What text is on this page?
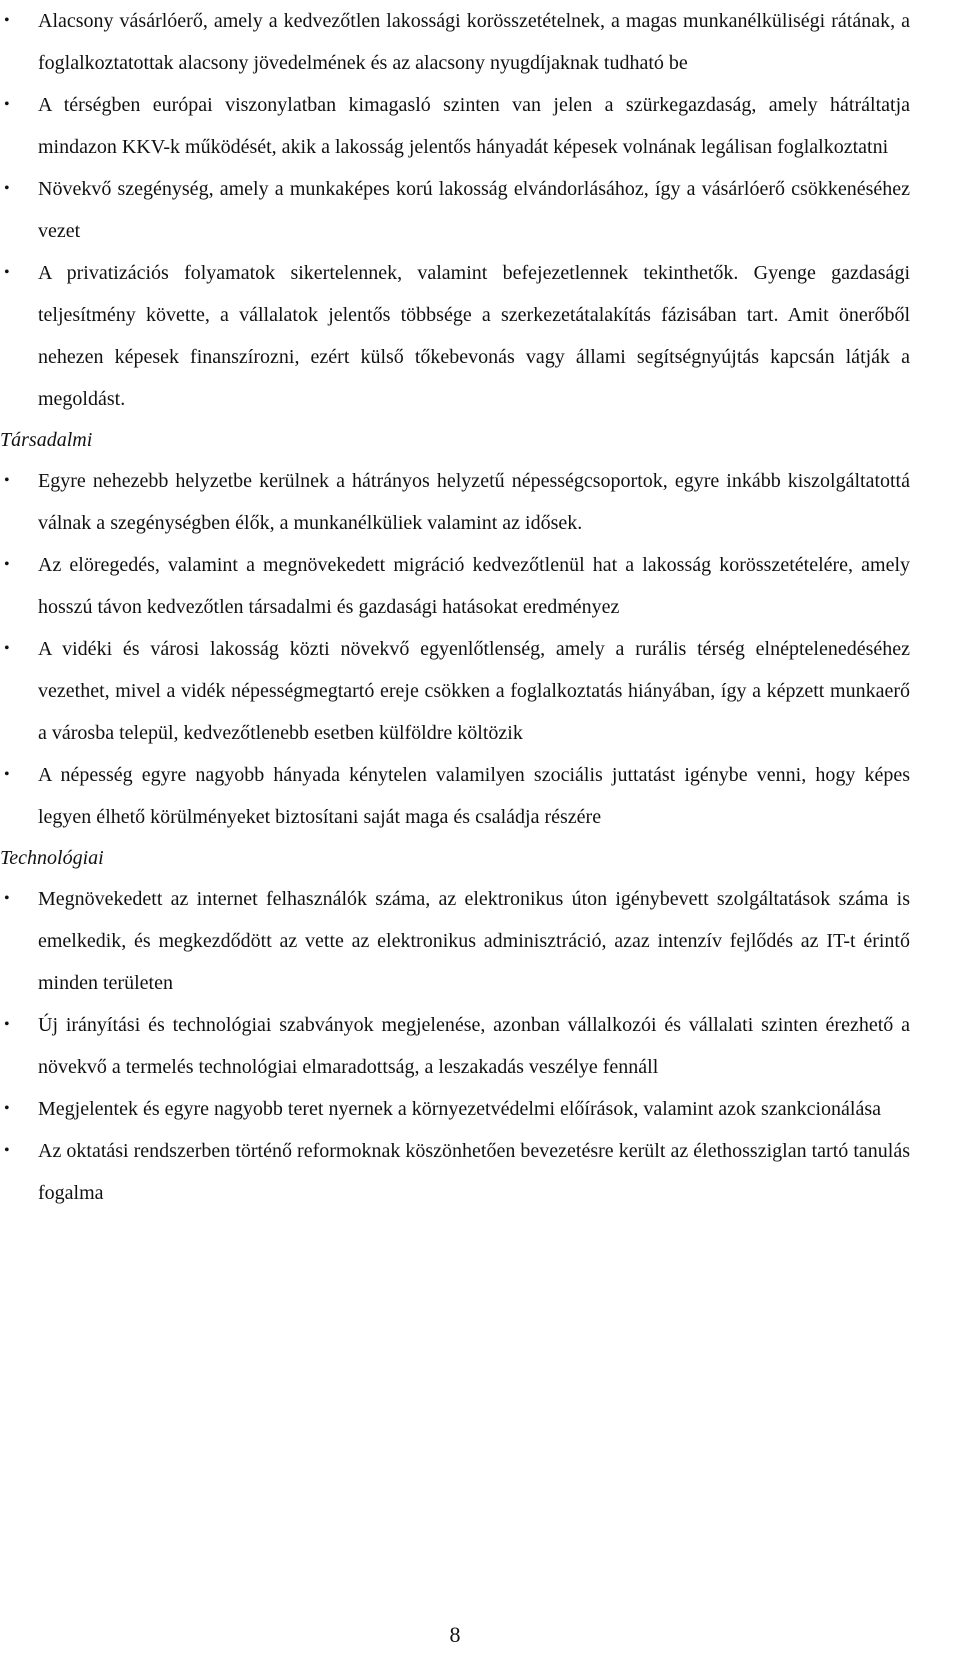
• Alacsony vásárlóerő, amely a kedvezőtlen lakossági korösszetételnek, a magas munkanélküliségi rátának, a foglalkoztatottak alacsony jövedelmének és az alacsony nyugdíjaknak tudható be
• A térségben európai viszonylatban kimagasló szinten van jelen a szürkegazdaság, amely hátráltatja mindazon KKV-k működését, akik a lakosság jelentős hányadát képesek volnának legálisan foglalkoztatni
• Növekvő szegénység, amely a munkaképes korú lakosság elvándorlásához, így a vásárlóerő csökkenéséhez vezet
• A privatizációs folyamatok sikertelennek, valamint befejezetlennek tekinthetők. Gyenge gazdasági teljesítmény követte, a vállalatok jelentős többsége a szerkezetátalakítás fázisában tart. Amit önerőből nehezen képesek finanszírozni, ezért külső tőkebevonás vagy állami segítségnyújtás kapcsán látják a megoldást.

Társadalmi

• Egyre nehezebb helyzetbe kerülnek a hátrányos helyzetű népességcsoportok, egyre inkább kiszolgáltatottá válnak a szegénységben élők, a munkanélküliek valamint az idősek.
• Az elöregedés, valamint a megnövekedett migráció kedvezőtlenül hat a lakosság korösszetételére, amely hosszú távon kedvezőtlen társadalmi és gazdasági hatásokat eredményez
• A vidéki és városi lakosság közti növekvő egyenlőtlenség, amely a rurális térség elnéptelenedéséhez vezethet, mivel a vidék népességmegtartó ereje csökken a foglalkoztatás hiányában, így a képzett munkaerő a városba települ, kedvezőtlenebb esetben külföldre költözik
• A népesség egyre nagyobb hányada kénytelen valamilyen szociális juttatást igénybe venni, hogy képes legyen élhető körülményeket biztosítani saját maga és családja részére

Technológiai

• Megnövekedett az internet felhasználók száma, az elektronikus úton igénybevett szolgáltatások száma is emelkedik, és megkezdődött az vette az elektronikus adminisztráció, azaz intenzív fejlődés az IT-t érintő minden területen
• Új irányítási és technológiai szabványok megjelenése, azonban vállalkozói és vállalati szinten érezhető a növekvő a termelés technológiai elmaradottság, a leszakadás veszélye fennáll
• Megjelentek és egyre nagyobb teret nyernek a környezetvédelmi előírások, valamint azok szankcionálása
• Az oktatási rendszerben történő reformoknak köszönhetően bevezetésre került az élethossziglan tartó tanulás fogalma
8
